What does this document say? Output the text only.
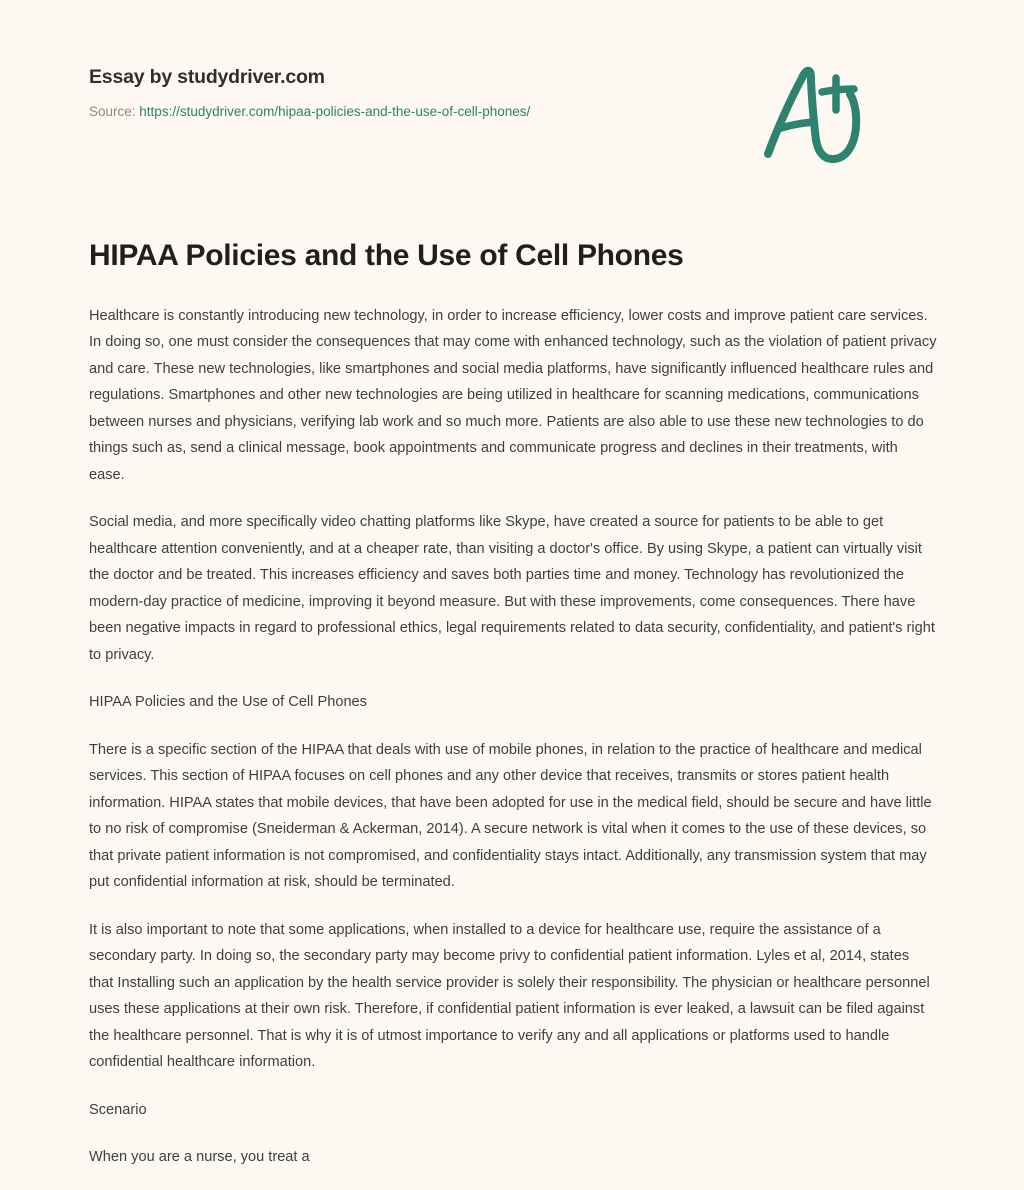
Essay by studydriver.com
Source: https://studydriver.com/hipaa-policies-and-the-use-of-cell-phones/
HIPAA Policies and the Use of Cell Phones

Healthcare is constantly introducing new technology, in order to increase efficiency, lower costs and improve patient care services. In doing so, one must consider the consequences that may come with enhanced technology, such as the violation of patient privacy and care. These new technologies, like smartphones and social media platforms, have significantly influenced healthcare rules and regulations. Smartphones and other new technologies are being utilized in healthcare for scanning medications, communications between nurses and physicians, verifying lab work and so much more. Patients are also able to use these new technologies to do things such as, send a clinical message, book appointments and communicate progress and declines in their treatments, with ease.

Social media, and more specifically video chatting platforms like Skype, have created a source for patients to be able to get healthcare attention conveniently, and at a cheaper rate, than visiting a doctor's office. By using Skype, a patient can virtually visit the doctor and be treated. This increases efficiency and saves both parties time and money. Technology has revolutionized the modern-day practice of medicine, improving it beyond measure. But with these improvements, come consequences. There have been negative impacts in regard to professional ethics, legal requirements related to data security, confidentiality, and patient's right to privacy.

HIPAA Policies and the Use of Cell Phones

There is a specific section of the HIPAA that deals with use of mobile phones, in relation to the practice of healthcare and medical services. This section of HIPAA focuses on cell phones and any other device that receives, transmits or stores patient health information. HIPAA states that mobile devices, that have been adopted for use in the medical field, should be secure and have little to no risk of compromise (Sneiderman & Ackerman, 2014). A secure network is vital when it comes to the use of these devices, so that private patient information is not compromised, and confidentiality stays intact. Additionally, any transmission system that may put confidential information at risk, should be terminated.

It is also important to note that some applications, when installed to a device for healthcare use, require the assistance of a secondary party. In doing so, the secondary party may become privy to confidential patient information. Lyles et al, 2014, states that Installing such an application by the health service provider is solely their responsibility. The physician or healthcare personnel uses these applications at their own risk. Therefore, if confidential patient information is ever leaked, a lawsuit can be filed against the healthcare personnel. That is why it is of utmost importance to verify any and all applications or platforms used to handle confidential healthcare information.

Scenario

When you are a nurse, you treat a
